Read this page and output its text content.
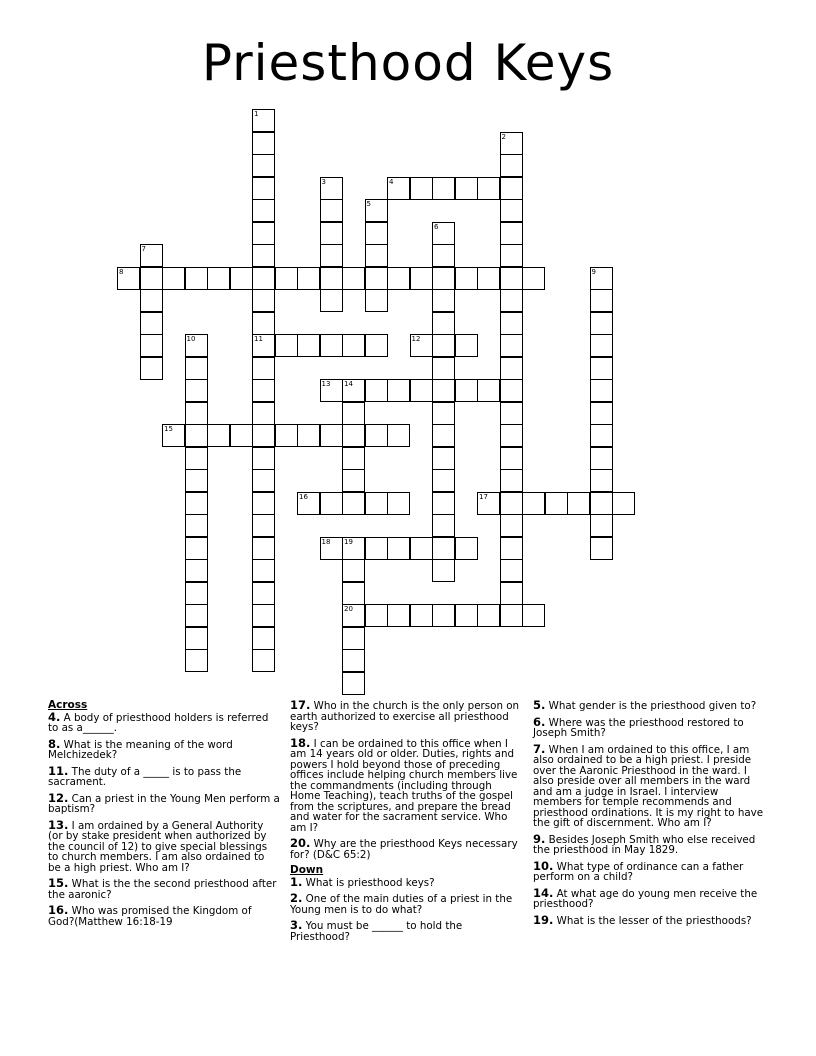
Priesthood Keys
1
11
2
3	4
5
6
7
8	9
10	12
13 14
15
16	17
18 19
20
Across
4. A body of priesthood holders is referred to as a______.
8. What is the meaning of the word Melchizedek?
11. The duty of a _____ is to pass the sacrament.
12. Can a priest in the Young Men perform a baptism?
13. I am ordained by a General Authority (or by stake president when authorized by the council of 12) to give special blessings to church members. I am also ordained to be a high priest. Who am I?
15. What is the the second priesthood after the aaronic?
16. Who was promised the Kingdom of God?(Matthew 16:18-19
17. Who in the church is the only person on earth authorized to exercise all priesthood keys?
18. I can be ordained to this office when I am 14 years old or older. Duties, rights and powers I hold beyond those of preceding offices include helping church members live the commandments (including through Home Teaching), teach truths of the gospel from the scriptures, and prepare the bread and water for the sacrament service. Who am I?
20. Why are the priesthood Keys necessary for? (D&C 65:2)
Down
1. What is priesthood keys?
2. One of the main duties of a priest in the Young men is to do what?
3. You must be ______ to hold the Priesthood?
5. What gender is the priesthood given to?
6. Where was the priesthood restored to Joseph Smith?
7. When I am ordained to this office, I am also ordained to be a high priest. I preside over the Aaronic Priesthood in the ward. I also preside over all members in the ward and am a judge in Israel. I interview members for temple recommends and priesthood ordinations. It is my right to have the gift of discernment. Who am I?
9. Besides Joseph Smith who else received the priesthood in May 1829.
10. What type of ordinance can a father perform on a child?
14. At what age do young men receive the priesthood?
19. What is the lesser of the priesthoods?
